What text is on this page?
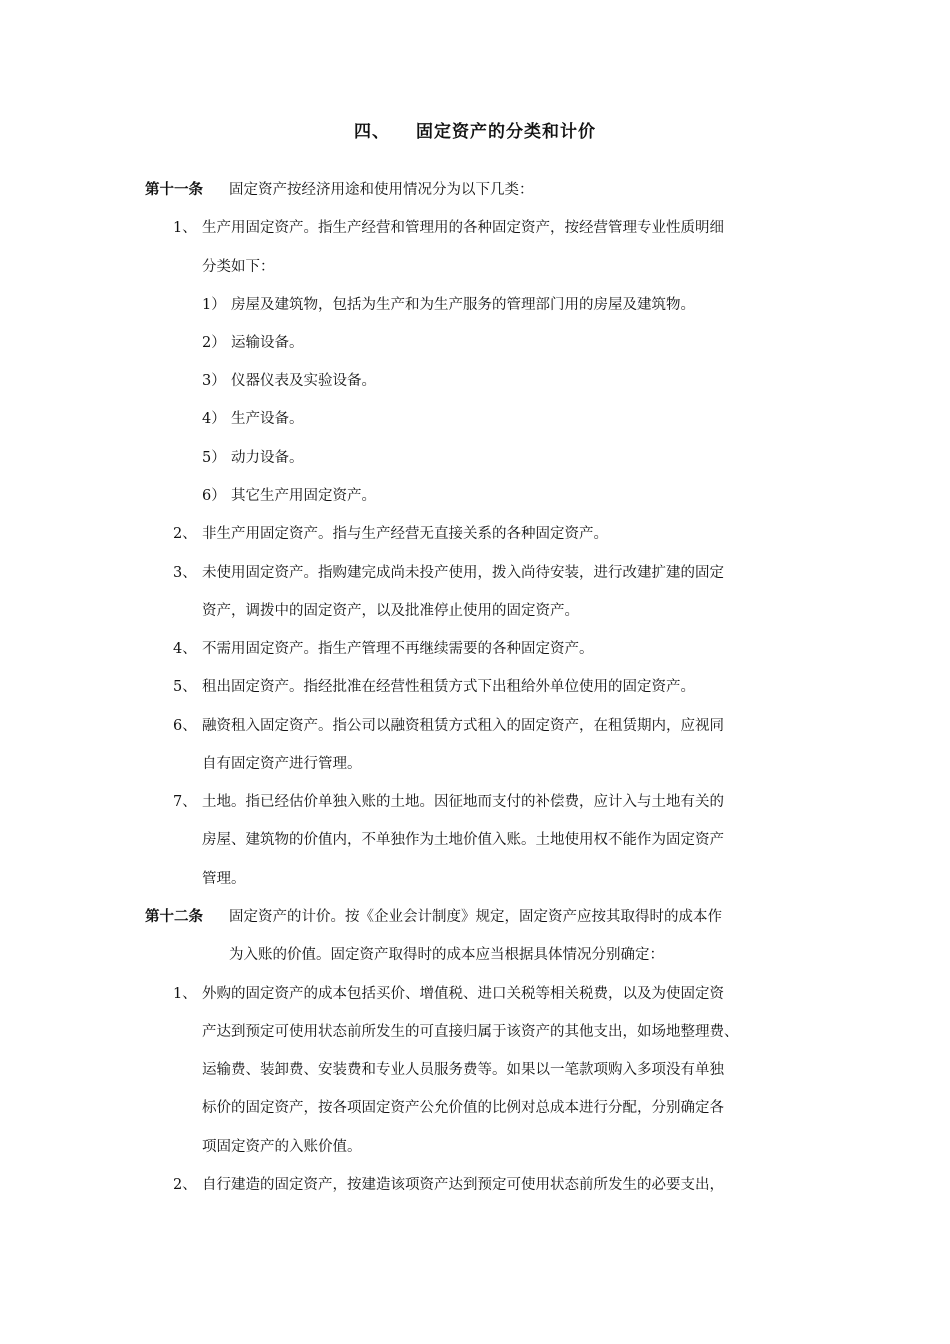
四、 固定资产的分类和计价
第十一条 固定资产按经济用途和使用情况分为以下几类：
1、 生产用固定资产。指生产经营和管理用的各种固定资产，按经营管理专业性质明细
分类如下：
1） 房屋及建筑物，包括为生产和为生产服务的管理部门用的房屋及建筑物。
2） 运输设备。
3） 仪器仪表及实验设备。
4） 生产设备。
5） 动力设备。
6） 其它生产用固定资产。
2、 非生产用固定资产。指与生产经营无直接关系的各种固定资产。
3、 未使用固定资产。指购建完成尚未投产使用，拨入尚待安装，进行改建扩建的固定
资产，调拨中的固定资产，以及批准停止使用的固定资产。
4、 不需用固定资产。指生产管理不再继续需要的各种固定资产。
5、 租出固定资产。指经批准在经营性租赁方式下出租给外单位使用的固定资产。
6、 融资租入固定资产。指公司以融资租赁方式租入的固定资产，在租赁期内，应视同
自有固定资产进行管理。
7、 土地。指已经估价单独入账的土地。因征地而支付的补偿费，应计入与土地有关的
房屋、建筑物的价值内，不单独作为土地价值入账。土地使用权不能作为固定资产
管理。
第十二条 固定资产的计价。按《企业会计制度》规定，固定资产应按其取得时的成本作
为入账的价值。固定资产取得时的成本应当根据具体情况分别确定：
1、 外购的固定资产的成本包括买价、增值税、进口关税等相关税费，以及为使固定资
产达到预定可使用状态前所发生的可直接归属于该资产的其他支出，如场地整理费、
运输费、装卸费、安装费和专业人员服务费等。如果以一笔款项购入多项没有单独
标价的固定资产，按各项固定资产公允价值的比例对总成本进行分配，分别确定各
项固定资产的入账价值。
2、 自行建造的固定资产，按建造该项资产达到预定可使用状态前所发生的必要支出，
